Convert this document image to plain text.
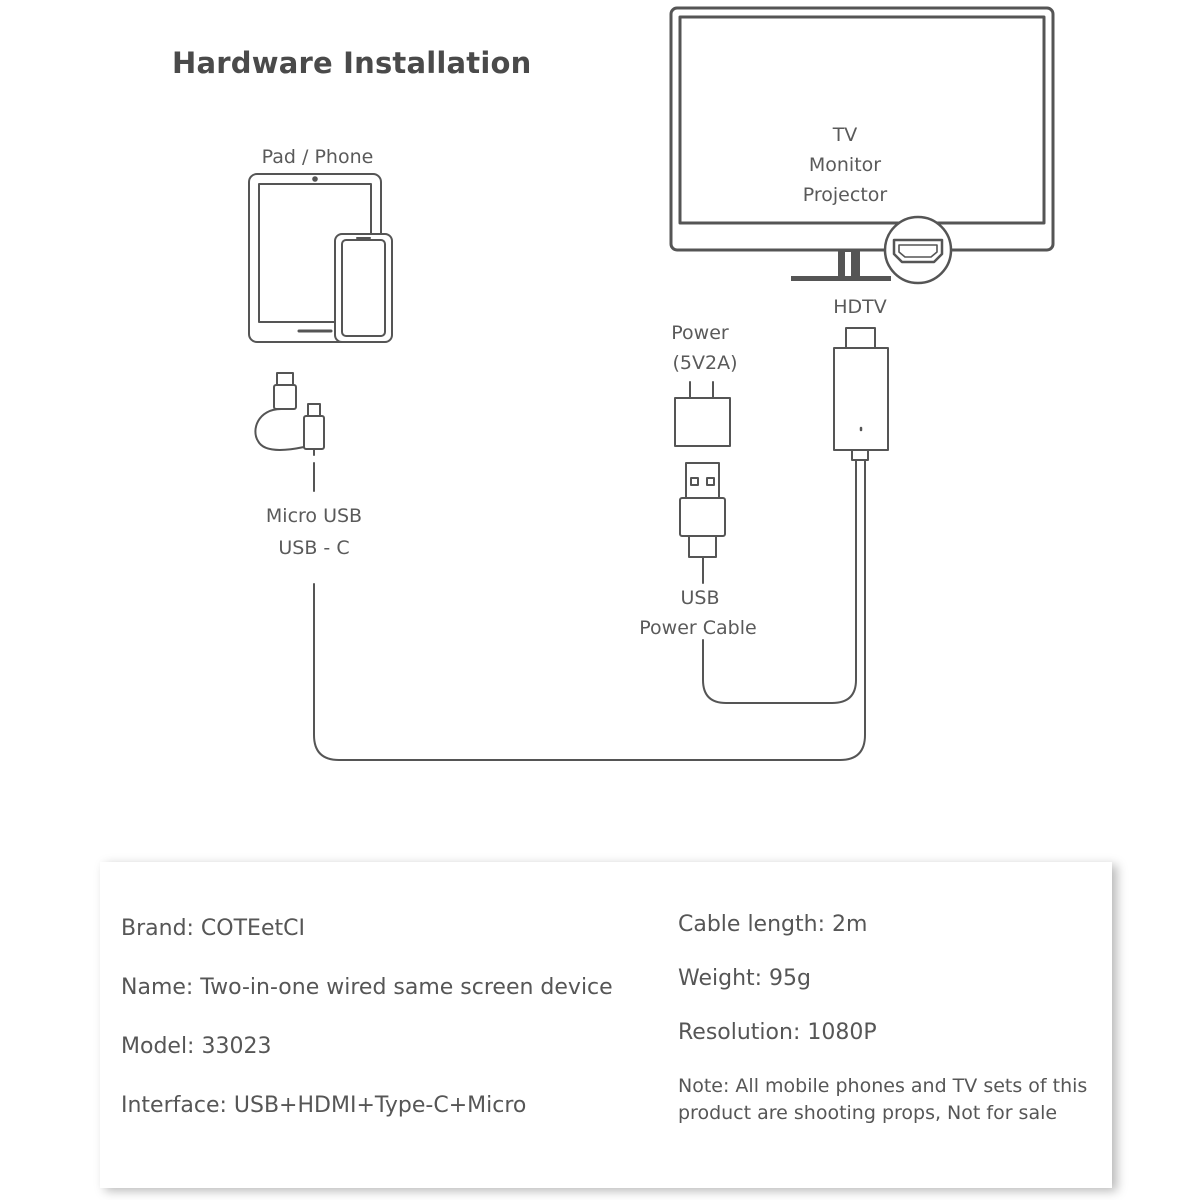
Hardware Installation
Pad / Phone
TV
Monitor
Projector
HDTV
Power
(5V2A)
USB
Power Cable
Micro USB
USB - C
Brand: COTEetCI
Name: Two-in-one wired same screen device
Model: 33023
Interface: USB+HDMI+Type-C+Micro
Cable length: 2m
Weight: 95g
Resolution: 1080P
Note: All mobile phones and TV sets of this
product are shooting props, Not for sale
